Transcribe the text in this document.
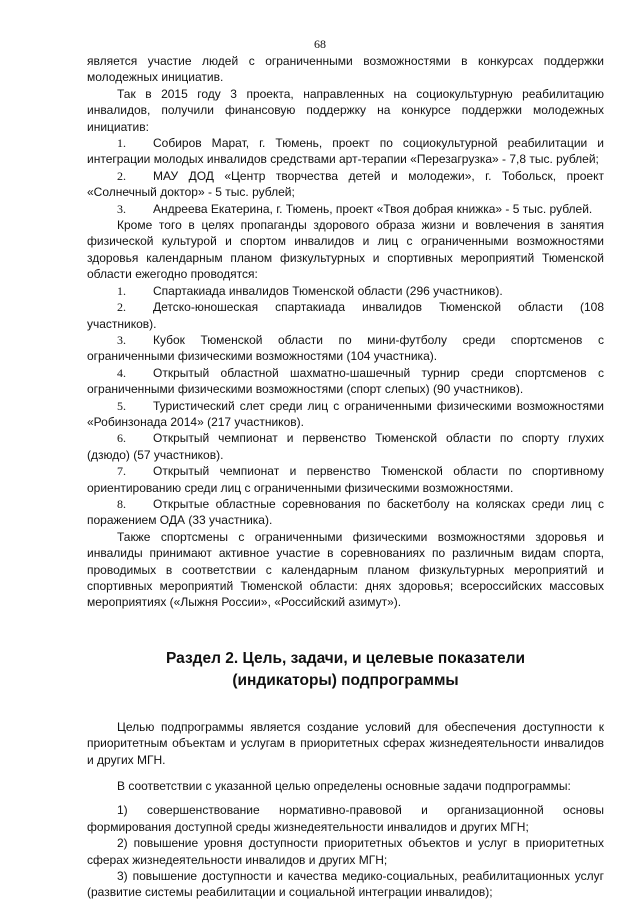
68

является участие людей с ограниченными возможностями в конкурсах поддержки молодежных инициатив.

Так в 2015 году 3 проекта, направленных на социокультурную реабилитацию инвалидов, получили финансовую поддержку на конкурсе поддержки молодежных инициатив:

1. Собиров Марат, г. Тюмень, проект по социокультурной реабилитации и интеграции молодых инвалидов средствами арт-терапии «Перезагрузка» - 7,8 тыс. рублей;

2. МАУ ДОД «Центр творчества детей и молодежи», г. Тобольск, проект «Солнечный доктор» - 5 тыс. рублей;

3. Андреева Екатерина, г. Тюмень, проект «Твоя добрая книжка» - 5 тыс. рублей.

Кроме того в целях пропаганды здорового образа жизни и вовлечения в занятия физической культурой и спортом инвалидов и лиц с ограниченными возможностями здоровья календарным планом физкультурных и спортивных мероприятий Тюменской области ежегодно проводятся:

1. Спартакиада инвалидов Тюменской области (296 участников).

2. Детско-юношеская спартакиада инвалидов Тюменской области (108 участников).

3. Кубок Тюменской области по мини-футболу среди спортсменов с ограниченными физическими возможностями (104 участника).

4. Открытый областной шахматно-шашечный турнир среди спортсменов с ограниченными физическими возможностями (спорт слепых) (90 участников).

5. Туристический слет среди лиц с ограниченными физическими возможностями «Робинзонада 2014» (217 участников).

6. Открытый чемпионат и первенство Тюменской области по спорту глухих (дзюдо) (57 участников).

7. Открытый чемпионат и первенство Тюменской области по спортивному ориентированию среди лиц с ограниченными физическими возможностями.

8. Открытые областные соревнования по баскетболу на колясках среди лиц с поражением ОДА (33 участника).

Также спортсмены с ограниченными физическими возможностями здоровья и инвалиды принимают активное участие в соревнованиях по различным видам спорта, проводимых в соответствии с календарным планом физкультурных мероприятий и спортивных мероприятий Тюменской области: днях здоровья; всероссийских массовых мероприятиях («Лыжня России», «Российский азимут»).

Раздел 2. Цель, задачи, и целевые показатели
(индикаторы) подпрограммы

Целью подпрограммы является создание условий для обеспечения доступности к приоритетным объектам и услугам в приоритетных сферах жизнедеятельности инвалидов и других МГН.

В соответствии с указанной целью определены основные задачи подпрограммы:

1) совершенствование нормативно-правовой и организационной основы формирования доступной среды жизнедеятельности инвалидов и других МГН;

2) повышение уровня доступности приоритетных объектов и услуг в приоритетных сферах жизнедеятельности инвалидов и других МГН;

3) повышение доступности и качества медико-социальных, реабилитационных услуг (развитие системы реабилитации и социальной интеграции инвалидов);
